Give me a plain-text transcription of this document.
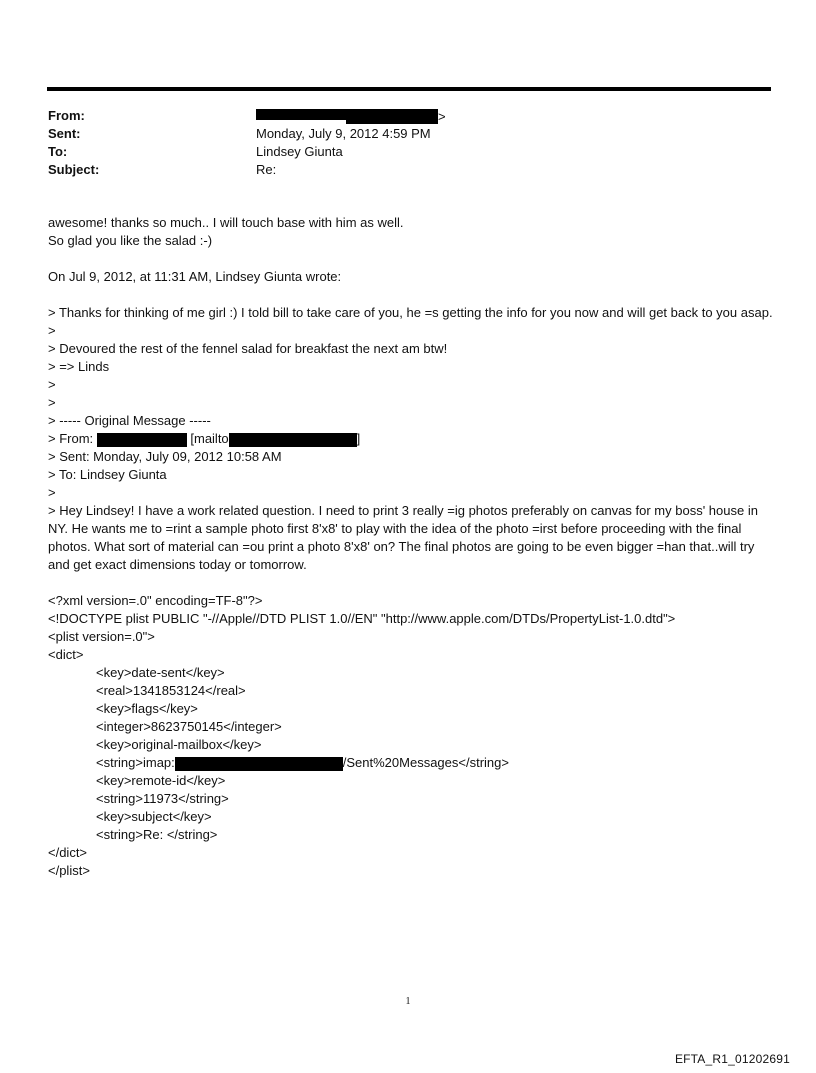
From:	>
Sent:	Monday, July 9, 2012 4:59 PM
To:	Lindsey Giunta
Subject:	Re:

awesome! thanks so much.. I will touch base with him as well.

So glad you like the salad :-)

On Jul 9, 2012, at 11:31 AM, Lindsey Giunta wrote:

> Thanks for thinking of me girl :) I told bill to take care of you, he =s getting the info for you now and will get back to you asap.

>

> Devoured the rest of the fennel salad for breakfast the next am btw!

> => Linds

>

>

> ----- Original Message -----

> From:	[mailto	]

> Sent: Monday, July 09, 2012 10:58 AM

> To: Lindsey Giunta

>

> Hey Lindsey! I have a work related question. I need to print 3 really =ig photos preferably on canvas for my boss' house in NY. He wants me to =rint a sample photo first 8'x8' to play with the idea of the photo =irst before proceeding with the final photos. What sort of material can =ou print a photo 8'x8' on? The final photos are going to be even bigger =han that..will try and get exact dimensions today or tomorrow.

<?xml version=.0" encoding=TF-8"?>

<!DOCTYPE plist PUBLIC "-//Apple//DTD PLIST 1.0//EN" "http://www.apple.com/DTDs/PropertyList-1.0.dtd">

<plist version=.0">

<dict>

<key>date-sent</key>

<real>1341853124</real>

<key>flags</key>

<integer>8623750145</integer>

<key>original-mailbox</key>

<string>imap:	/Sent%20Messages</string>

<key>remote-id</key>

<string>11973</string>

<key>subject</key>

<string>Re: </string>

</dict>

</plist>

1
EFTA_R1_01202691
